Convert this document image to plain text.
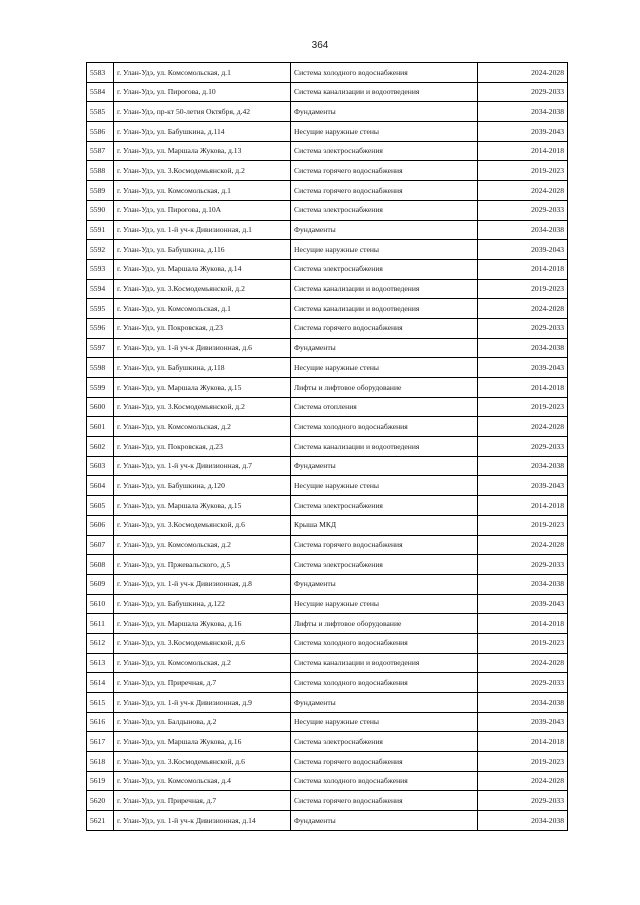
364
5583	г. Улан-Удэ, ул. Комсомольская, д.1	Система холодного водоснабжения	2024-2028
5584	г. Улан-Удэ, ул. Пирогова, д.10	Система канализации и водоотведения	2029-2033
5585	г. Улан-Удэ, пр-кт 50-летия Октября, д.42	Фундаменты	2034-2038
5586	г. Улан-Удэ, ул. Бабушкина, д.114	Несущие наружные стены	2039-2043
5587	г. Улан-Удэ, ул. Маршала Жукова, д.13	Система электроснабжения	2014-2018
5588	г. Улан-Удэ, ул. 3.Космодемьянской, д.2	Система горячего водоснабжения	2019-2023
5589	г. Улан-Удэ, ул. Комсомольская, д.1	Система горячего водоснабжения	2024-2028
5590	г. Улан-Удэ, ул. Пирогова, д.10А	Система электроснабжения	2029-2033
5591	г. Улан-Удэ, ул. 1-й уч-к Дивизионная, д.1	Фундаменты	2034-2038
5592	г. Улан-Удэ, ул. Бабушкина, д.116	Несущие наружные стены	2039-2043
5593	г. Улан-Удэ, ул. Маршала Жукова, д.14	Система электроснабжения	2014-2018
5594	г. Улан-Удэ, ул. 3.Космодемьянской, д.2	Система канализации и водоотведения	2019-2023
5595	г. Улан-Удэ, ул. Комсомольская, д.1	Система канализации и водоотведения	2024-2028
5596	г. Улан-Удэ, ул. Покровская, д.23	Система горячего водоснабжения	2029-2033
5597	г. Улан-Удэ, ул. 1-й уч-к Дивизионная, д.6	Фундаменты	2034-2038
5598	г. Улан-Удэ, ул. Бабушкина, д.118	Несущие наружные стены	2039-2043
5599	г. Улан-Удэ, ул. Маршала Жукова, д.15	Лифты и лифтовое оборудование	2014-2018
5600	г. Улан-Удэ, ул. 3.Космодемьянской, д.2	Система отопления	2019-2023
5601	г. Улан-Удэ, ул. Комсомольская, д.2	Система холодного водоснабжения	2024-2028
5602	г. Улан-Удэ, ул. Покровская, д.23	Система канализации и водоотведения	2029-2033
5603	г. Улан-Удэ, ул. 1-й уч-к Дивизионная, д.7	Фундаменты	2034-2038
5604	г. Улан-Удэ, ул. Бабушкина, д.120	Несущие наружные стены	2039-2043
5605	г. Улан-Удэ, ул. Маршала Жукова, д.15	Система электроснабжения	2014-2018
5606	г. Улан-Удэ, ул. 3.Космодемьянской, д.6	Крыша МКД	2019-2023
5607	г. Улан-Удэ, ул. Комсомольская, д.2	Система горячего водоснабжения	2024-2028
5608	г. Улан-Удэ, ул. Пржевальского, д.5	Система электроснабжения	2029-2033
5609	г. Улан-Удэ, ул. 1-й уч-к Дивизионная, д.8	Фундаменты	2034-2038
5610	г. Улан-Удэ, ул. Бабушкина, д.122	Несущие наружные стены	2039-2043
5611	г. Улан-Удэ, ул. Маршала Жукова, д.16	Лифты и лифтовое оборудование	2014-2018
5612	г. Улан-Удэ, ул. 3.Космодемьянской, д.6	Система холодного водоснабжения	2019-2023
5613	г. Улан-Удэ, ул. Комсомольская, д.2	Система канализации и водоотведения	2024-2028
5614	г. Улан-Удэ, ул. Приречная, д.7	Система холодного водоснабжения	2029-2033
5615	г. Улан-Удэ, ул. 1-й уч-к Дивизионная, д.9	Фундаменты	2034-2038
5616	г. Улан-Удэ, ул. Балдынова, д.2	Несущие наружные стены	2039-2043
5617	г. Улан-Удэ, ул. Маршала Жукова, д.16	Система электроснабжения	2014-2018
5618	г. Улан-Удэ, ул. 3.Космодемьянской, д.6	Система горячего водоснабжения	2019-2023
5619	г. Улан-Удэ, ул. Комсомольская, д.4	Система холодного водоснабжения	2024-2028
5620	г. Улан-Удэ, ул. Приречная, д.7	Система горячего водоснабжения	2029-2033
5621	г. Улан-Удэ, ул. 1-й уч-к Дивизионная, д.14	Фундаменты	2034-2038
